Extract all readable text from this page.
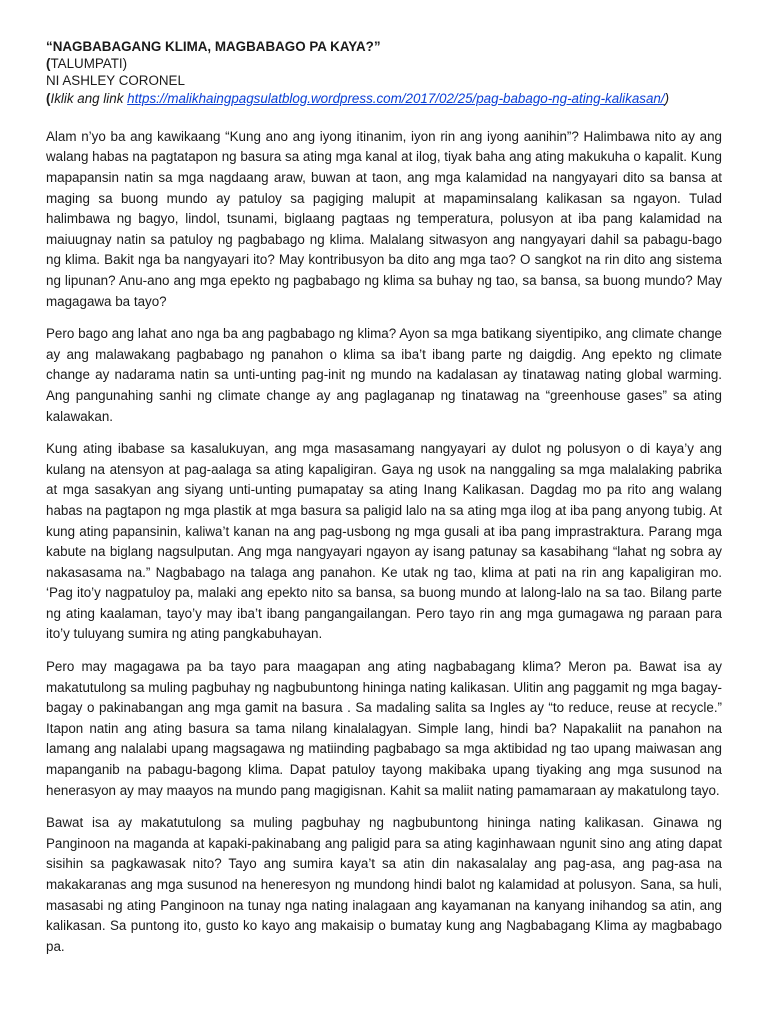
“NAGBABAGANG KLIMA, MAGBABAGO PA KAYA?”
(TALUMPATI)
NI ASHLEY CORONEL
(Iklik ang link https://malikhaingpagsulatblog.wordpress.com/2017/02/25/pag-babago-ng-ating-kalikasan/)

Alam n’yo ba ang kawikaang “Kung ano ang iyong itinanim, iyon rin ang iyong aanihin”? Halimbawa nito ay ang walang habas na pagtatapon ng basura sa ating mga kanal at ilog, tiyak baha ang ating makukuha o kapalit. Kung mapapansin natin sa mga nagdaang araw, buwan at taon, ang mga kalamidad na nangyayari dito sa bansa at maging sa buong mundo ay patuloy sa pagiging malupit at mapaminsalang kalikasan sa ngayon. Tulad halimbawa ng bagyo, lindol, tsunami, biglaang pagtaas ng temperatura, polusyon at iba pang kalamidad na maiuugnay natin sa patuloy ng pagbabago ng klima. Malalang sitwasyon ang nangyayari dahil sa pabagu-bago ng klima. Bakit nga ba nangyayari ito? May kontribusyon ba dito ang mga tao? O sangkot na rin dito ang sistema ng lipunan? Anu-ano ang mga epekto ng pagbabago ng klima sa buhay ng tao, sa bansa, sa buong mundo? May magagawa ba tayo?

Pero bago ang lahat ano nga ba ang pagbabago ng klima? Ayon sa mga batikang siyentipiko, ang climate change ay ang malawakang pagbabago ng panahon o klima sa iba’t ibang parte ng daigdig. Ang epekto ng climate change ay nadarama natin sa unti-unting pag-init ng mundo na kadalasan ay tinatawag nating global warming. Ang pangunahing sanhi ng climate change ay ang paglaganap ng tinatawag na “greenhouse gases” sa ating kalawakan.

Kung ating ibabase sa kasalukuyan, ang mga masasamang nangyayari ay dulot ng polusyon o di kaya’y ang kulang na atensyon at pag-aalaga sa ating kapaligiran. Gaya ng usok na nanggaling sa mga malalaking pabrika at mga sasakyan ang siyang unti-unting pumapatay sa ating Inang Kalikasan. Dagdag mo pa rito ang walang habas na pagtapon ng mga plastik at mga basura sa paligid lalo na sa ating mga ilog at iba pang anyong tubig. At kung ating papansinin, kaliwa’t kanan na ang pag-usbong ng mga gusali at iba pang imprastraktura. Parang mga kabute na biglang nagsulputan. Ang mga nangyayari ngayon ay isang patunay sa kasabihang “lahat ng sobra ay nakasasama na.” Nagbabago na talaga ang panahon. Ke utak ng tao, klima at pati na rin ang kapaligiran mo. ‘Pag ito’y nagpatuloy pa, malaki ang epekto nito sa bansa, sa buong mundo at lalong-lalo na sa tao. Bilang parte ng ating kaalaman, tayo’y may iba’t ibang pangangailangan. Pero tayo rin ang mga gumagawa ng paraan para ito’y tuluyang sumira ng ating pangkabuhayan.

Pero may magagawa pa ba tayo para maagapan ang ating nagbabagang klima? Meron pa. Bawat isa ay makatutulong sa muling pagbuhay ng nagbubuntong hininga nating kalikasan. Ulitin ang paggamit ng mga bagay-bagay o pakinabangan ang mga gamit na basura . Sa madaling salita sa Ingles ay “to reduce, reuse at recycle.” Itapon natin ang ating basura sa tama nilang kinalalagyan. Simple lang, hindi ba? Napakaliit na panahon na lamang ang nalalabi upang magsagawa ng matiinding pagbabago sa mga aktibidad ng tao upang maiwasan ang mapanganib na pabagu-bagong klima. Dapat patuloy tayong makibaka upang tiyaking ang mga susunod na henerasyon ay may maayos na mundo pang magigisnan. Kahit sa maliit nating pamamaraan ay makatulong tayo.

Bawat isa ay makatutulong sa muling pagbuhay ng nagbubuntong hininga nating kalikasan. Ginawa ng Panginoon na maganda at kapaki-pakinabang ang paligid para sa ating kaginhawaan ngunit sino ang ating dapat sisihin sa pagkawasak nito? Tayo ang sumira kaya’t sa atin din nakasalalay ang pag-asa, ang pag-asa na makakaranas ang mga susunod na heneresyon ng mundong hindi balot ng kalamidad at polusyon. Sana, sa huli, masasabi ng ating Panginoon na tunay nga nating inalagaan ang kayamanan na kanyang inihandog sa atin, ang kalikasan. Sa puntong ito, gusto ko kayo ang makaisip o bumatay kung ang Nagbabagang Klima ay magbabago pa.
